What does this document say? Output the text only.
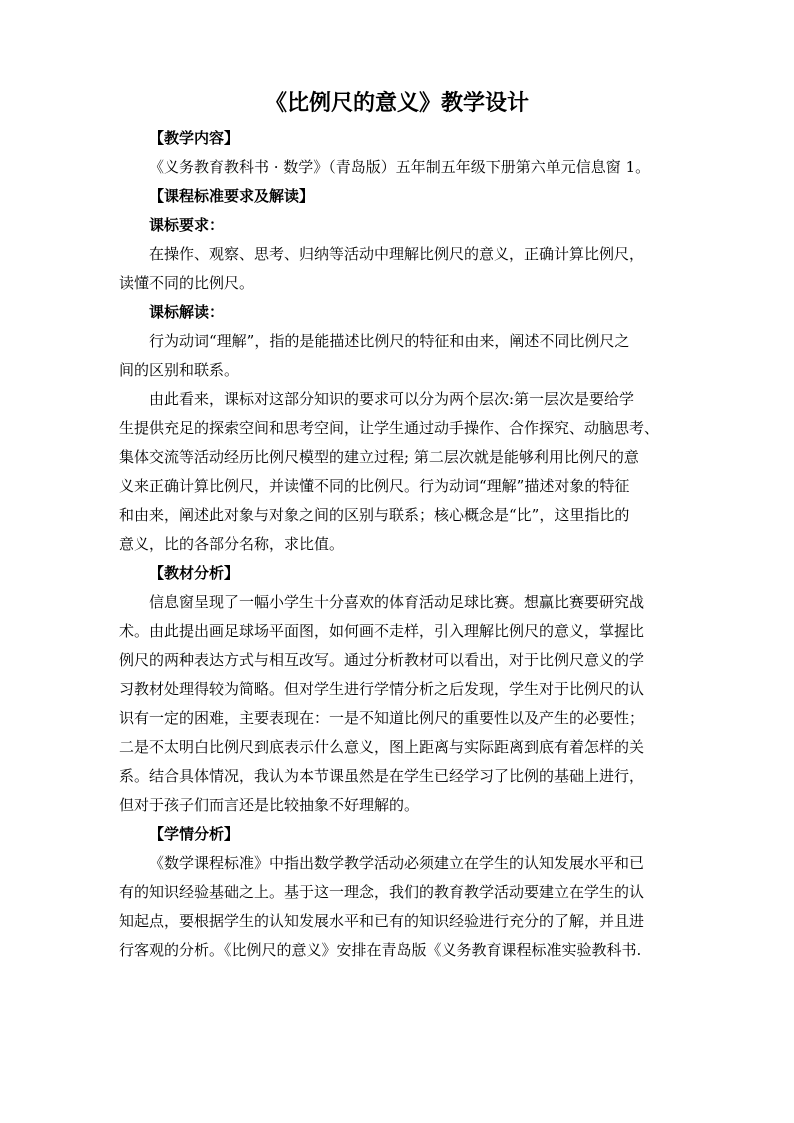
《比例尺的意义》教学设计
【教学内容】
《义务教育教科书 · 数学》（青岛版）五年制五年级下册第六单元信息窗 1。
【课程标准要求及解读】
课标要求：
在操作、观察、思考、归纳等活动中理解比例尺的意义，正确计算比例尺，
读懂不同的比例尺。
课标解读：
行为动词“理解”，指的是能描述比例尺的特征和由来，阐述不同比例尺之
间的区别和联系。
由此看来，课标对这部分知识的要求可以分为两个层次:第一层次是要给学
生提供充足的探索空间和思考空间，让学生通过动手操作、合作探究、动脑思考、
集体交流等活动经历比例尺模型的建立过程; 第二层次就是能够利用比例尺的意
义来正确计算比例尺，并读懂不同的比例尺。行为动词“理解”描述对象的特征
和由来，阐述此对象与对象之间的区别与联系；核心概念是“比”，这里指比的
意义，比的各部分名称，求比值。
【教材分析】
信息窗呈现了一幅小学生十分喜欢的体育活动足球比赛。想赢比赛要研究战
术。由此提出画足球场平面图，如何画不走样，引入理解比例尺的意义，掌握比
例尺的两种表达方式与相互改写。通过分析教材可以看出，对于比例尺意义的学
习教材处理得较为简略。但对学生进行学情分析之后发现，学生对于比例尺的认
识有一定的困难，主要表现在：一是不知道比例尺的重要性以及产生的必要性；
二是不太明白比例尺到底表示什么意义，图上距离与实际距离到底有着怎样的关
系。结合具体情况，我认为本节课虽然是在学生已经学习了比例的基础上进行，
但对于孩子们而言还是比较抽象不好理解的。
【学情分析】
《数学课程标准》中指出数学教学活动必须建立在学生的认知发展水平和已
有的知识经验基础之上。基于这一理念，我们的教育教学活动要建立在学生的认
知起点，要根据学生的认知发展水平和已有的知识经验进行充分的了解，并且进
行客观的分析。《比例尺的意义》安排在青岛版《义务教育课程标准实验教科书.
